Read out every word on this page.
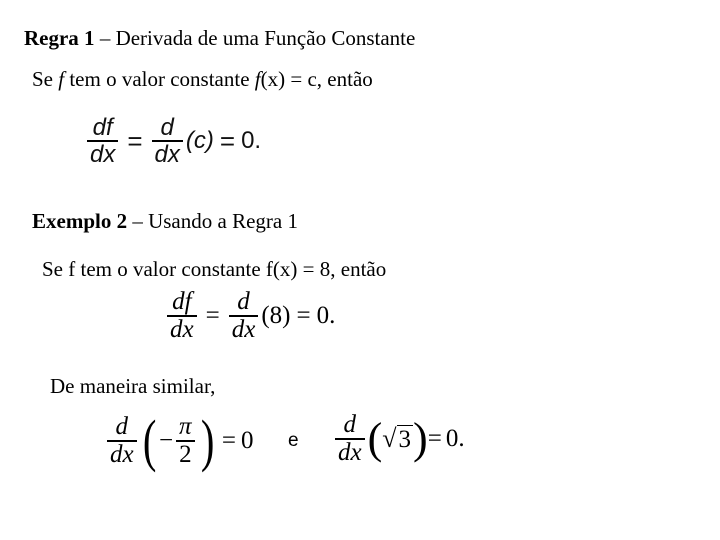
Regra 1 – Derivada de uma Função Constante
Se f tem o valor constante f(x) = c, então
$\frac{df}{dx} = \frac{d}{dx} (c) = 0$.
Exemplo 2 – Usando a Regra 1
Se f tem o valor constante f(x) = 8, então
$\frac{df}{dx} = \frac{d}{dx} (8) = 0$.
De maneira similar,
$\frac{d}{dx}$ ( − $\frac{\pi}{2}$ ) = 0 e $\frac{d}{dx}$ ( √ 3 ) = 0.
